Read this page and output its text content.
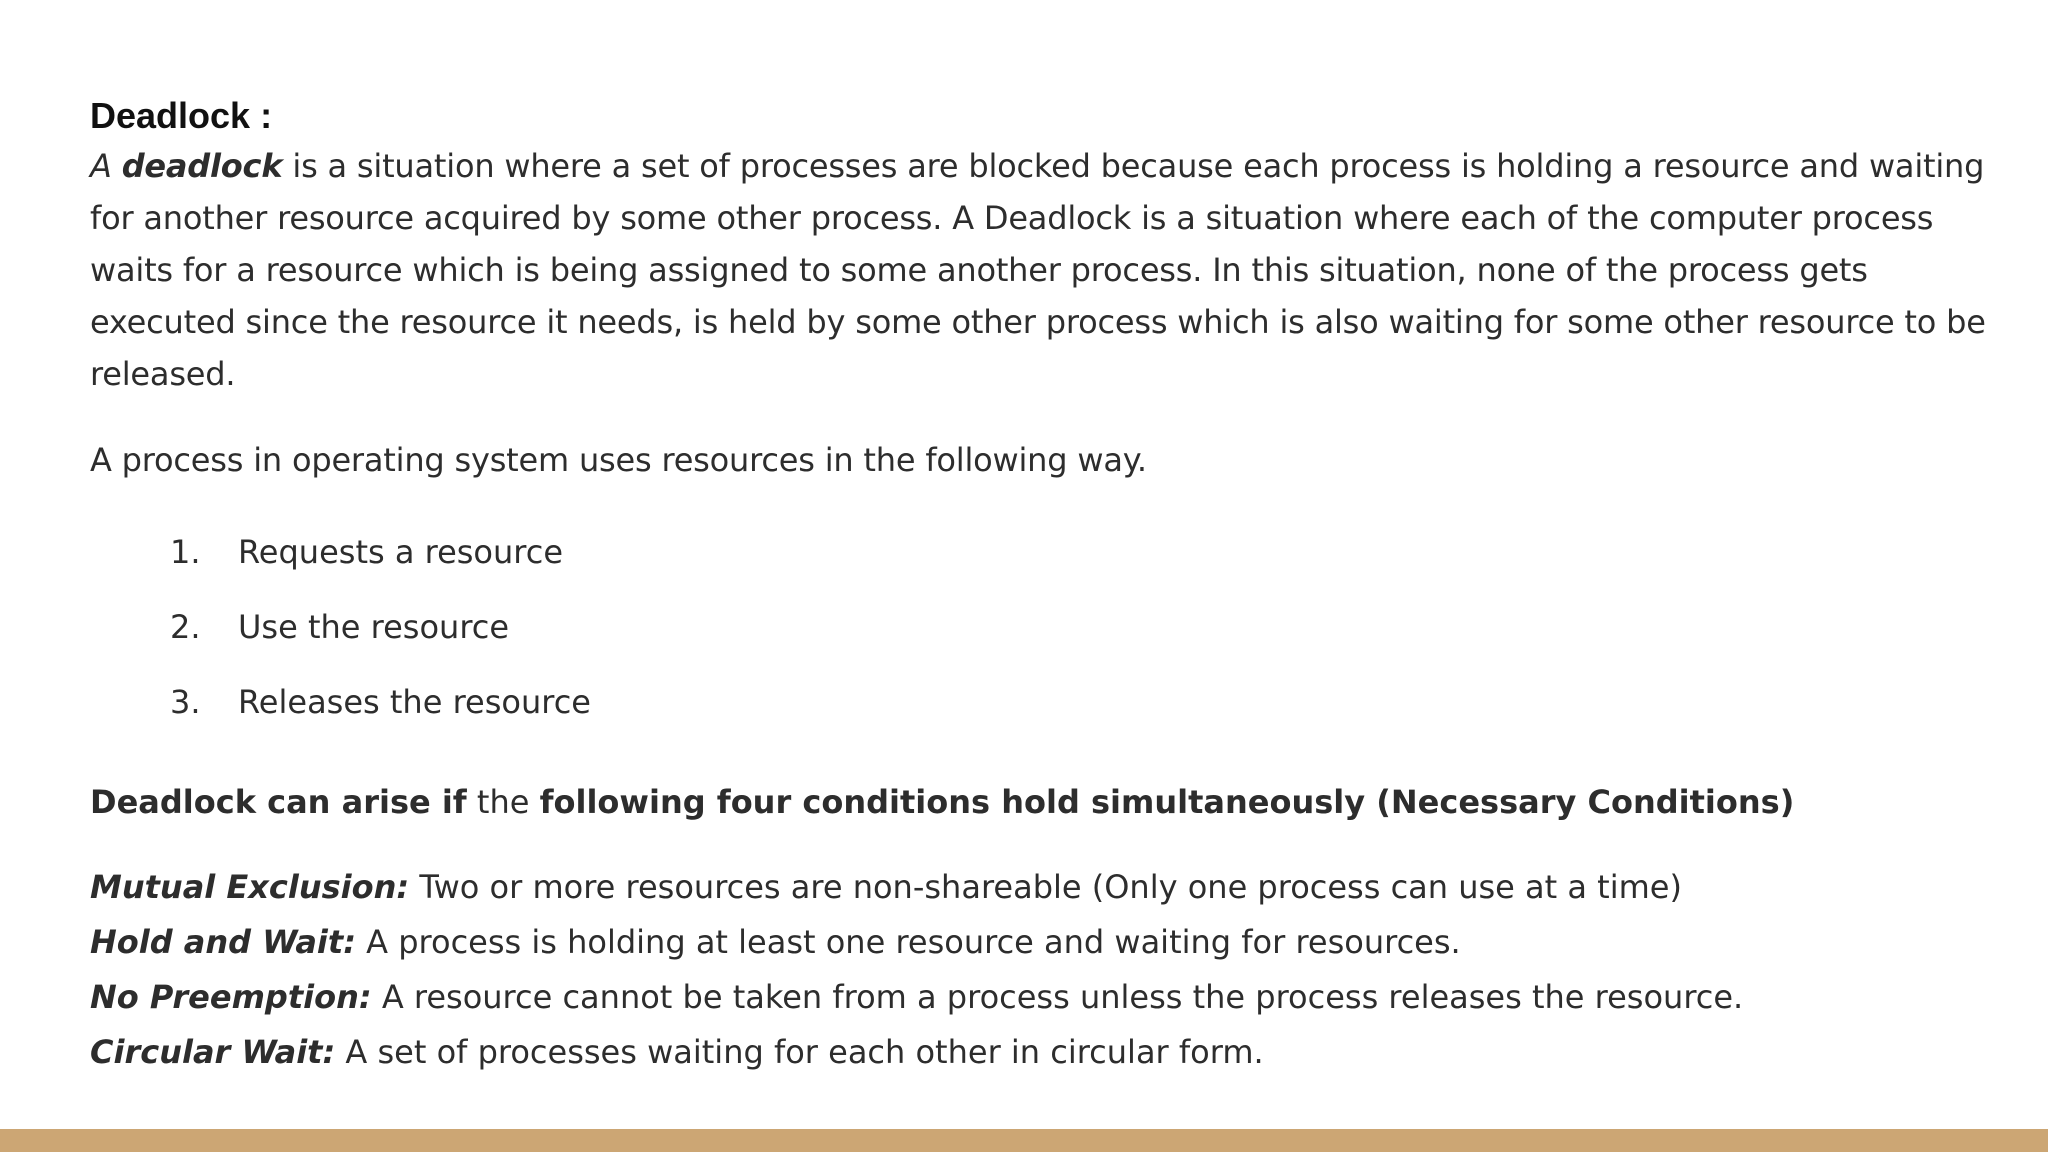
Deadlock :

A deadlock is a situation where a set of processes are blocked because each process is holding a resource and waiting for another resource acquired by some other process. A Deadlock is a situation where each of the computer process waits for a resource which is being assigned to some another process. In this situation, none of the process gets executed since the resource it needs, is held by some other process which is also waiting for some other resource to be released.

A process in operating system uses resources in the following way.

1.	Requests a resource
2.	Use the resource
3.	Releases the resource

Deadlock can arise if the following four conditions hold simultaneously (Necessary Conditions)

Mutual Exclusion: Two or more resources are non-shareable (Only one process can use at a time)

Hold and Wait: A process is holding at least one resource and waiting for resources.

No Preemption: A resource cannot be taken from a process unless the process releases the resource.

Circular Wait: A set of processes waiting for each other in circular form.
